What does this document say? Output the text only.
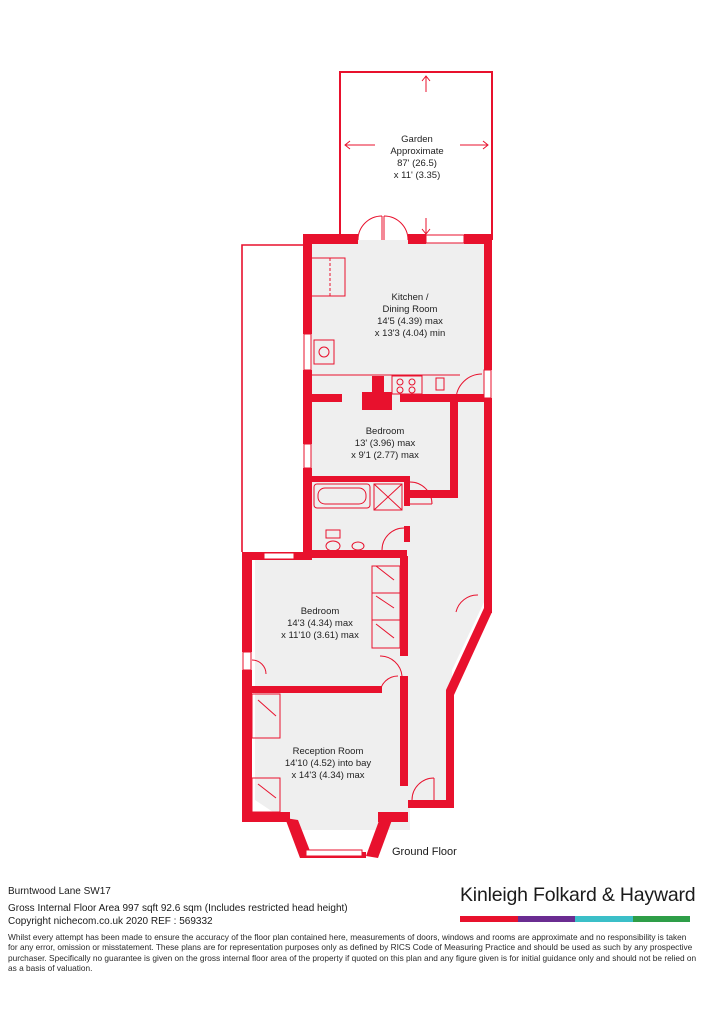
Garden
Approximate
87' (26.5)
x 11' (3.35)
Kitchen /
Dining Room
14'5 (4.39) max
x 13'3 (4.04) min
Bedroom
13' (3.96) max
x 9'1 (2.77) max
Bedroom
14'3 (4.34) max
x 11'10 (3.61) max
Reception Room
14'10 (4.52) into bay
x 14'3 (4.34) max
Ground Floor
Burntwood Lane SW17
Gross Internal Floor Area 997 sqft 92.6 sqm (Includes restricted head height)
Copyright nichecom.co.uk 2020 REF : 569332
Whilst every attempt has been made to ensure the accuracy of the floor plan contained here, measurements of doors, windows and rooms are approximate and no responsibility is taken for any error, omission or misstatement. These plans are for representation purposes only as defined by RICS Code of Measuring Practice and should be used as such by any prospective purchaser. Specifically no guarantee is given on the gross internal floor area of the property if quoted on this plan and any figure given is for initial guidance only and should not be relied on as a basis of valuation.
Kinleigh Folkard & Hayward
